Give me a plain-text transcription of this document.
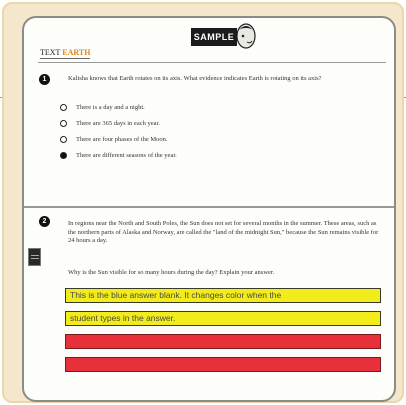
SAMPLE
TEXT EARTH
1	Kalisha knows that Earth rotates on its axis. What evidence indicates Earth is rotating on its axis?
There is a day and a night.
There are 365 days in each year.
There are four phases of the Moon.
There are different seasons of the year.
2	In regions near the North and South Poles, the Sun does not set for several months in the summer. These areas, such as the northern parts of Alaska and Norway, are called the "land of the midnight Sun," because the Sun remains visible for 24 hours a day.
Why is the Sun visible for so many hours during the day? Explain your answer.
This is the blue answer blank. It changes color when the
student types in the answer.
